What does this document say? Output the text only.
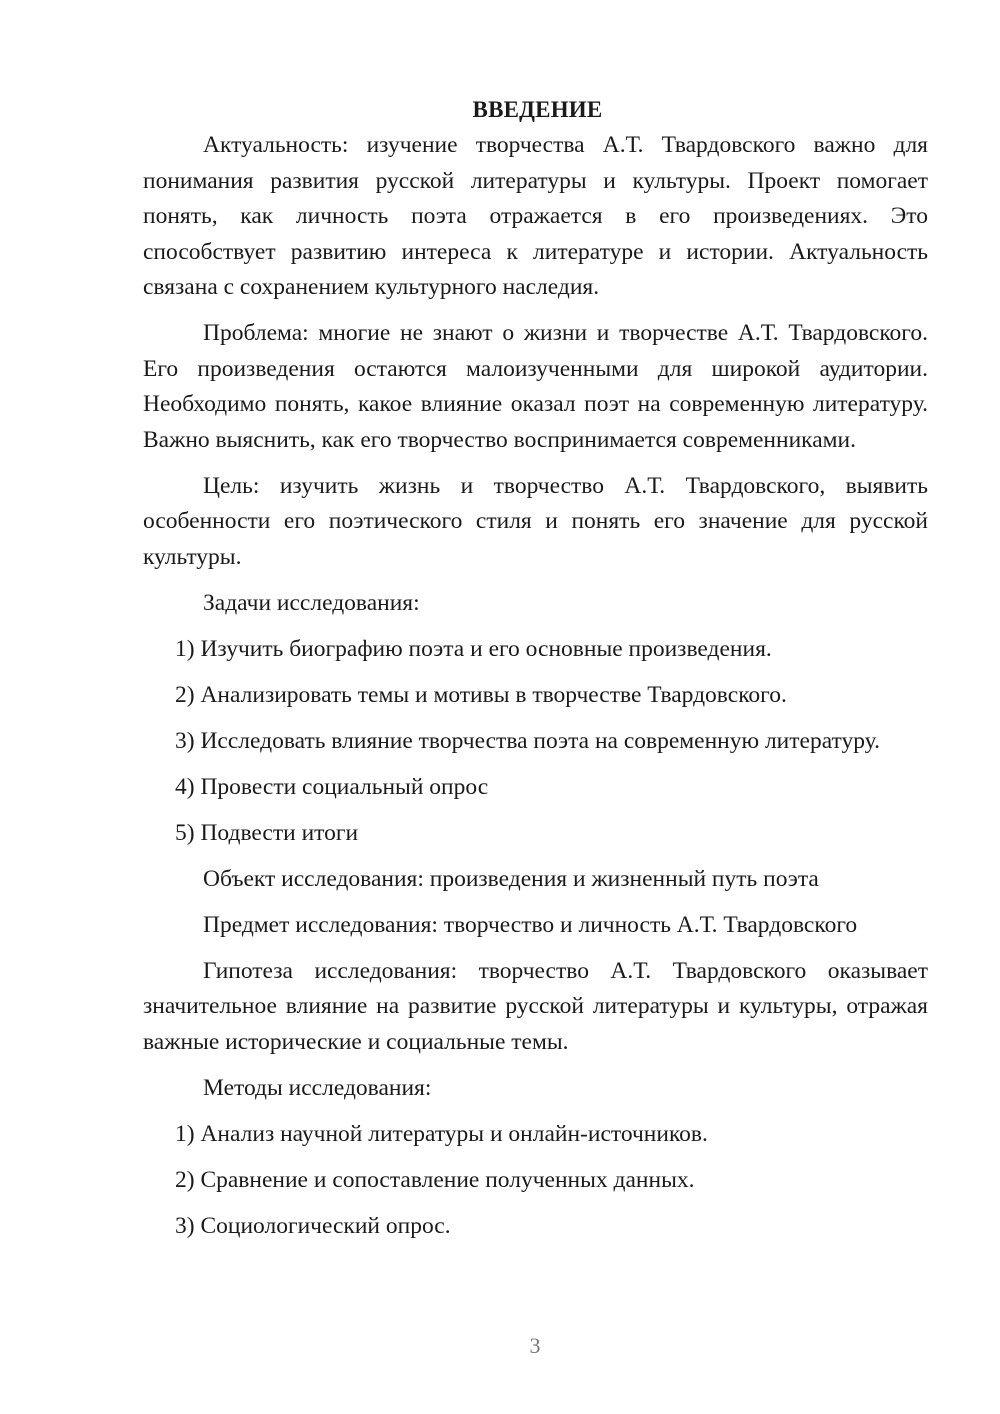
ВВЕДЕНИЕ

Актуальность: изучение творчества А.Т. Твардовского важно для понимания развития русской литературы и культуры. Проект помогает понять, как личность поэта отражается в его произведениях. Это способствует развитию интереса к литературе и истории. Актуальность связана с сохранением культурного наследия.

Проблема: многие не знают о жизни и творчестве А.Т. Твардовского. Его произведения остаются малоизученными для широкой аудитории. Необходимо понять, какое влияние оказал поэт на современную литературу. Важно выяснить, как его творчество воспринимается современниками.

Цель: изучить жизнь и творчество А.Т. Твардовского, выявить особенности его поэтического стиля и понять его значение для русской культуры.

Задачи исследования:
1) Изучить биографию поэта и его основные произведения.
2) Анализировать темы и мотивы в творчестве Твардовского.
3) Исследовать влияние творчества поэта на современную литературу.
4) Провести социальный опрос
5) Подвести итоги
Объект исследования: произведения и жизненный путь поэта
Предмет исследования: творчество и личность А.Т. Твардовского

Гипотеза исследования: творчество А.Т. Твардовского оказывает значительное влияние на развитие русской литературы и культуры, отражая важные исторические и социальные темы.

Методы исследования:
1) Анализ научной литературы и онлайн-источников.
2) Сравнение и сопоставление полученных данных.
3) Социологический опрос.
3
